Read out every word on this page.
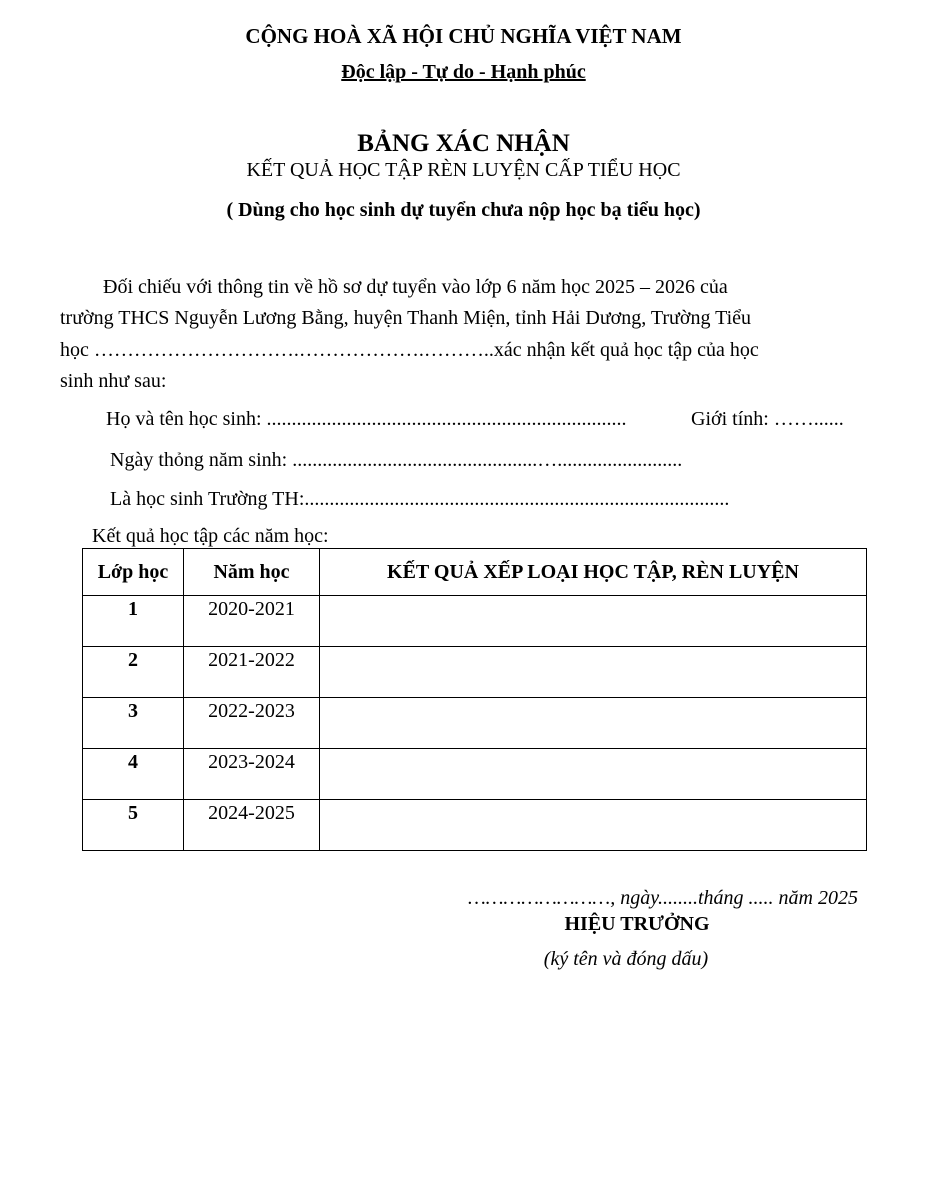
CỘNG HOÀ XÃ HỘI CHỦ NGHĨA VIỆT NAM
Độc lập - Tự do - Hạnh phúc
BẢNG XÁC NHẬN
KẾT QUẢ HỌC TẬP RÈN LUYỆN CẤP TIỂU HỌC
( Dùng cho học sinh dự tuyển chưa nộp học bạ tiểu học)
Đối chiếu với thông tin về hồ sơ dự tuyển vào lớp 6 năm học 2025 – 2026 của
trường THCS Nguyễn Lương Bằng, huyện Thanh Miện, tỉnh Hải Dương, Trường Tiểu
học ………………………….……………….………..xác nhận kết quả học tập của học
sinh như sau:
Họ và tên học sinh: ........................................................................	Giới tính: ……......
Ngày thỏng năm sinh: .................................................….........................
Là học sinh Trường TH:.....................................................................................
Kết quả học tập các năm học:
Lớp học	Năm học	KẾT QUẢ XẾP LOẠI HỌC TẬP, RÈN LUYỆN
1	2020-2021	
2	2021-2022	
3	2022-2023	
4	2023-2024	
5	2024-2025	
……………………, ngày........tháng ..... năm 2025
HIỆU TRƯỞNG
(ký tên và đóng dấu)
